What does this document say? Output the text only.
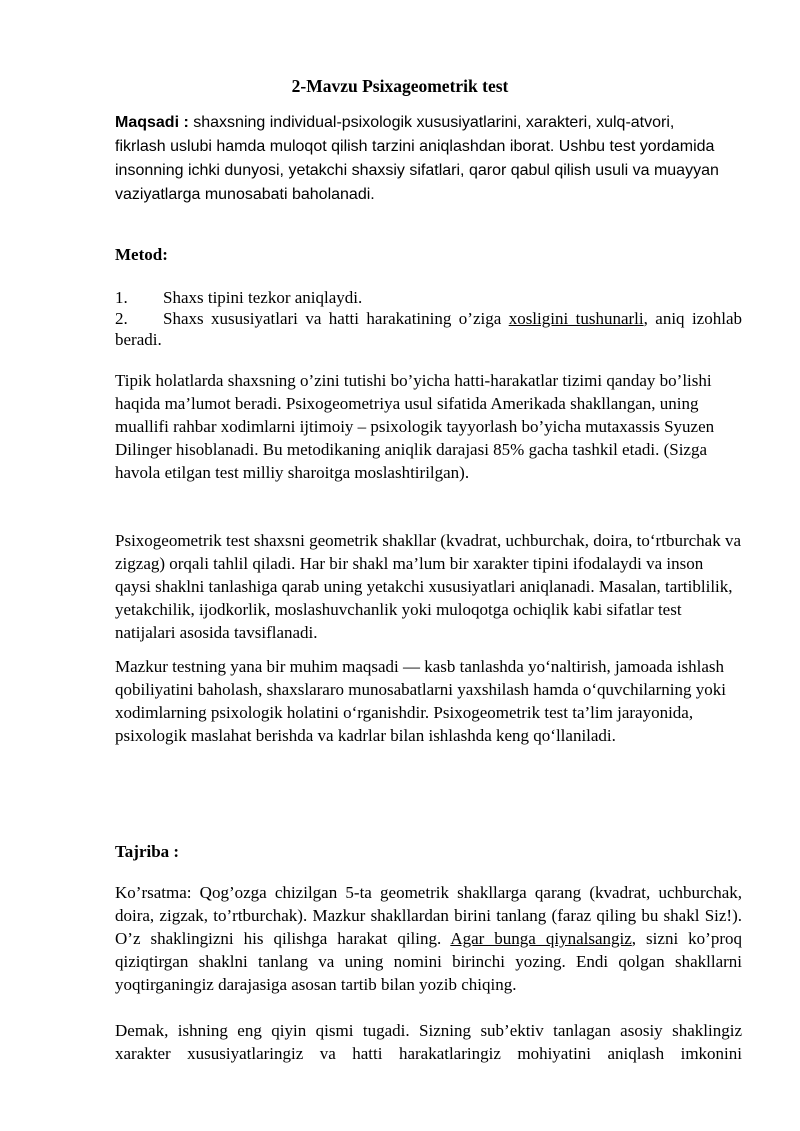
2-Mavzu Psixageometrik test
Maqsadi : shaxsning individual-psixologik xususiyatlarini, xarakteri, xulq-atvori, fikrlash uslubi hamda muloqot qilish tarzini aniqlashdan iborat. Ushbu test yordamida insonning ichki dunyosi, yetakchi shaxsiy sifatlari, qaror qabul qilish usuli va muayyan vaziyatlarga munosabati baholanadi.
Metod:
1. Shaxs tipini tezkor aniqlaydi.
2. Shaxs xususiyatlari va hatti harakatining o’ziga xosligini tushunarli, aniq izohlab beradi.
Tipik holatlarda shaxsning o’zini tutishi bo’yicha hatti-harakatlar tizimi qanday bo’lishi haqida ma’lumot beradi. Psixogeometriya usul sifatida Amerikada shakllangan, uning muallifi rahbar xodimlarni ijtimoiy – psixologik tayyorlash bo’yicha mutaxassis Syuzen Dilinger hisoblanadi. Bu metodikaning aniqlik darajasi 85% gacha tashkil etadi. (Sizga havola etilgan test milliy sharoitga moslashtirilgan).
Psixogeometrik test shaxsni geometrik shakllar (kvadrat, uchburchak, doira, to‘rtburchak va zigzag) orqali tahlil qiladi. Har bir shakl ma’lum bir xarakter tipini ifodalaydi va inson qaysi shaklni tanlashiga qarab uning yetakchi xususiyatlari aniqlanadi. Masalan, tartiblilik, yetakchilik, ijodkorlik, moslashuvchanlik yoki muloqotga ochiqlik kabi sifatlar test natijalari asosida tavsiflanadi.
Mazkur testning yana bir muhim maqsadi — kasb tanlashda yo‘naltirish, jamoada ishlash qobiliyatini baholash, shaxslararo munosabatlarni yaxshilash hamda o‘quvchilarning yoki xodimlarning psixologik holatini o‘rganishdir. Psixogeometrik test ta’lim jarayonida, psixologik maslahat berishda va kadrlar bilan ishlashda keng qo‘llaniladi.
Tajriba :
Ko’rsatma: Qog’ozga chizilgan 5-ta geometrik shakllarga qarang (kvadrat, uchburchak, doira, zigzak, to’rtburchak). Mazkur shakllardan birini tanlang (faraz qiling bu shakl Siz!). O’z shaklingizni his qilishga harakat qiling. Agar bunga qiynalsangiz, sizni ko’proq qiziqtirgan shaklni tanlang va uning nomini birinchi yozing. Endi qolgan shakllarni yoqtirganingiz darajasiga asosan tartib bilan yozib chiqing.
Demak, ishning eng qiyin qismi tugadi. Sizning sub’ektiv tanlagan asosiy shaklingiz xarakter xususiyatlaringiz va hatti harakatlaringiz mohiyatini aniqlash imkonini
